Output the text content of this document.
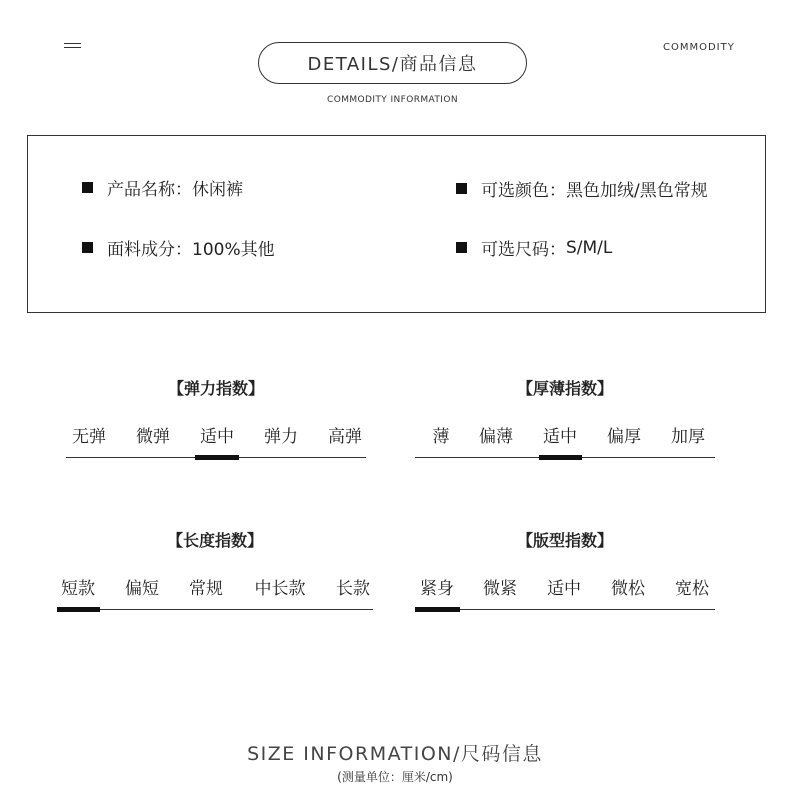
DETAILS/商品信息
COMMODITY INFORMATION
COMMODITY
产品名称 ： 休闲裤	可选颜色 ： 黑色加绒/黑色常规
面料成分 ： 100%其他	可选尺码 ： S/M/L
【弹力指数】
无弹	微弹	适中	弹力	高弹
【厚薄指数】
薄	偏薄	适中	偏厚	加厚
【长度指数】
短款	偏短	常规	中长款	长款
【版型指数】
紧身	微紧	适中	微松	宽松
SIZE INFORMATION/尺码信息
(测量单位：厘米/cm)
